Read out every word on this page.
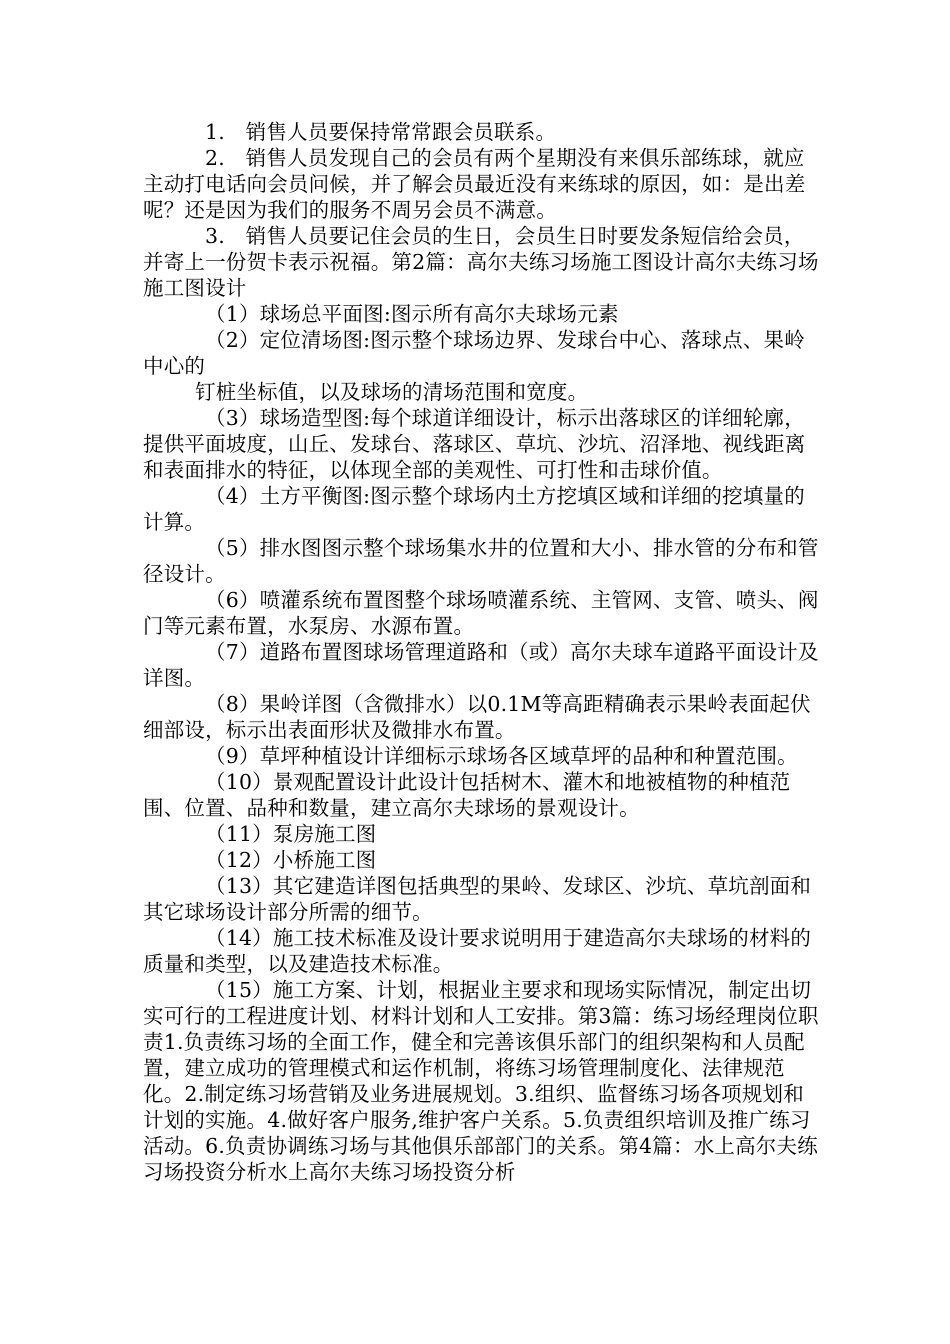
1.　销售人员要保持常常跟会员联系。

2.　销售人员发现自己的会员有两个星期没有来俱乐部练球，就应主动打电话向会员问候，并了解会员最近没有来练球的原因，如：是出差呢？还是因为我们的服务不周另会员不满意。

3.　销售人员要记住会员的生日，会员生日时要发条短信给会员，并寄上一份贺卡表示祝福。第2篇：高尔夫练习场施工图设计高尔夫练习场施工图设计

（1）球场总平面图:图示所有高尔夫球场元素

（2）定位清场图:图示整个球场边界、发球台中心、落球点、果岭中心的

钉桩坐标值，以及球场的清场范围和宽度。

（3）球场造型图:每个球道详细设计，标示出落球区的详细轮廓，提供平面坡度，山丘、发球台、落球区、草坑、沙坑、沼泽地、视线距离和表面排水的特征，以体现全部的美观性、可打性和击球价值。

（4）土方平衡图:图示整个球场内土方挖填区域和详细的挖填量的计算。

（5）排水图图示整个球场集水井的位置和大小、排水管的分布和管径设计。

（6）喷灌系统布置图整个球场喷灌系统、主管网、支管、喷头、阀门等元素布置，水泵房、水源布置。

（7）道路布置图球场管理道路和（或）高尔夫球车道路平面设计及详图。

（8）果岭详图（含微排水）以0.1M等高距精确表示果岭表面起伏细部设，标示出表面形状及微排水布置。

（9）草坪种植设计详细标示球场各区域草坪的品种和种置范围。

（10）景观配置设计此设计包括树木、灌木和地被植物的种植范围、位置、品种和数量，建立高尔夫球场的景观设计。

（11）泵房施工图

（12）小桥施工图

（13）其它建造详图包括典型的果岭、发球区、沙坑、草坑剖面和其它球场设计部分所需的细节。

（14）施工技术标准及设计要求说明用于建造高尔夫球场的材料的质量和类型，以及建造技术标准。

（15）施工方案、计划，根据业主要求和现场实际情况，制定出切实可行的工程进度计划、材料计划和人工安排。第3篇：练习场经理岗位职责1.负责练习场的全面工作，健全和完善该俱乐部门的组织架构和人员配置，建立成功的管理模式和运作机制，将练习场管理制度化、法律规范化。2.制定练习场营销及业务进展规划。3.组织、监督练习场各项规划和计划的实施。4.做好客户服务,维护客户关系。5.负责组织培训及推广练习活动。6.负责协调练习场与其他俱乐部部门的关系。第4篇：水上高尔夫练习场投资分析水上高尔夫练习场投资分析
